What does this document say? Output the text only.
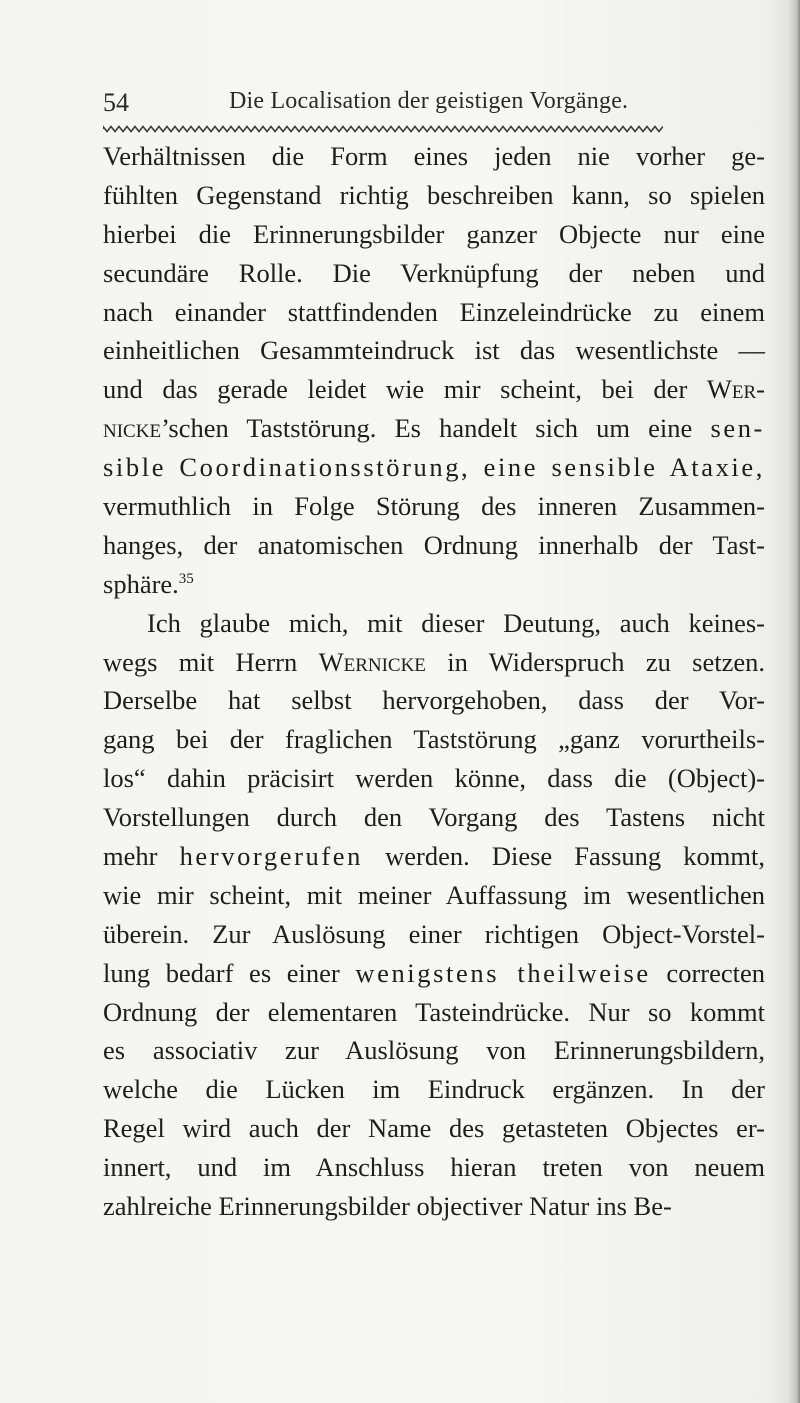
54	Die Localisation der geistigen Vorgänge.
Verhältnissen die Form eines jeden nie vorher ge-
fühlten Gegenstand richtig beschreiben kann, so spielen
hierbei die Erinnerungsbilder ganzer Objecte nur eine
secundäre Rolle. Die Verknüpfung der neben und
nach einander stattfindenden Einzeleindrücke zu einem
einheitlichen Gesammteindruck ist das wesentlichste —
und das gerade leidet wie mir scheint, bei der Wer-
nicke’schen Taststörung. Es handelt sich um eine sen-
sible Coordinationsstörung, eine sensible Ataxie,
vermuthlich in Folge Störung des inneren Zusammen-
hanges, der anatomischen Ordnung innerhalb der Tast-
sphäre.$^{35}$
Ich glaube mich, mit dieser Deutung, auch keines-
wegs mit Herrn Wernicke in Widerspruch zu setzen.
Derselbe hat selbst hervorgehoben, dass der Vor-
gang bei der fraglichen Taststörung „ganz vorurtheils-
los“ dahin präcisirt werden könne, dass die (Object)-
Vorstellungen durch den Vorgang des Tastens nicht
mehr hervorgerufen werden. Diese Fassung kommt,
wie mir scheint, mit meiner Auffassung im wesentlichen
überein. Zur Auslösung einer richtigen Object-Vorstel-
lung bedarf es einer wenigstens theilweise correcten
Ordnung der elementaren Tasteindrücke. Nur so kommt
es associativ zur Auslösung von Erinnerungsbildern,
welche die Lücken im Eindruck ergänzen. In der
Regel wird auch der Name des getasteten Objectes er-
innert, und im Anschluss hieran treten von neuem
zahlreiche Erinnerungsbilder objectiver Natur ins Be-
